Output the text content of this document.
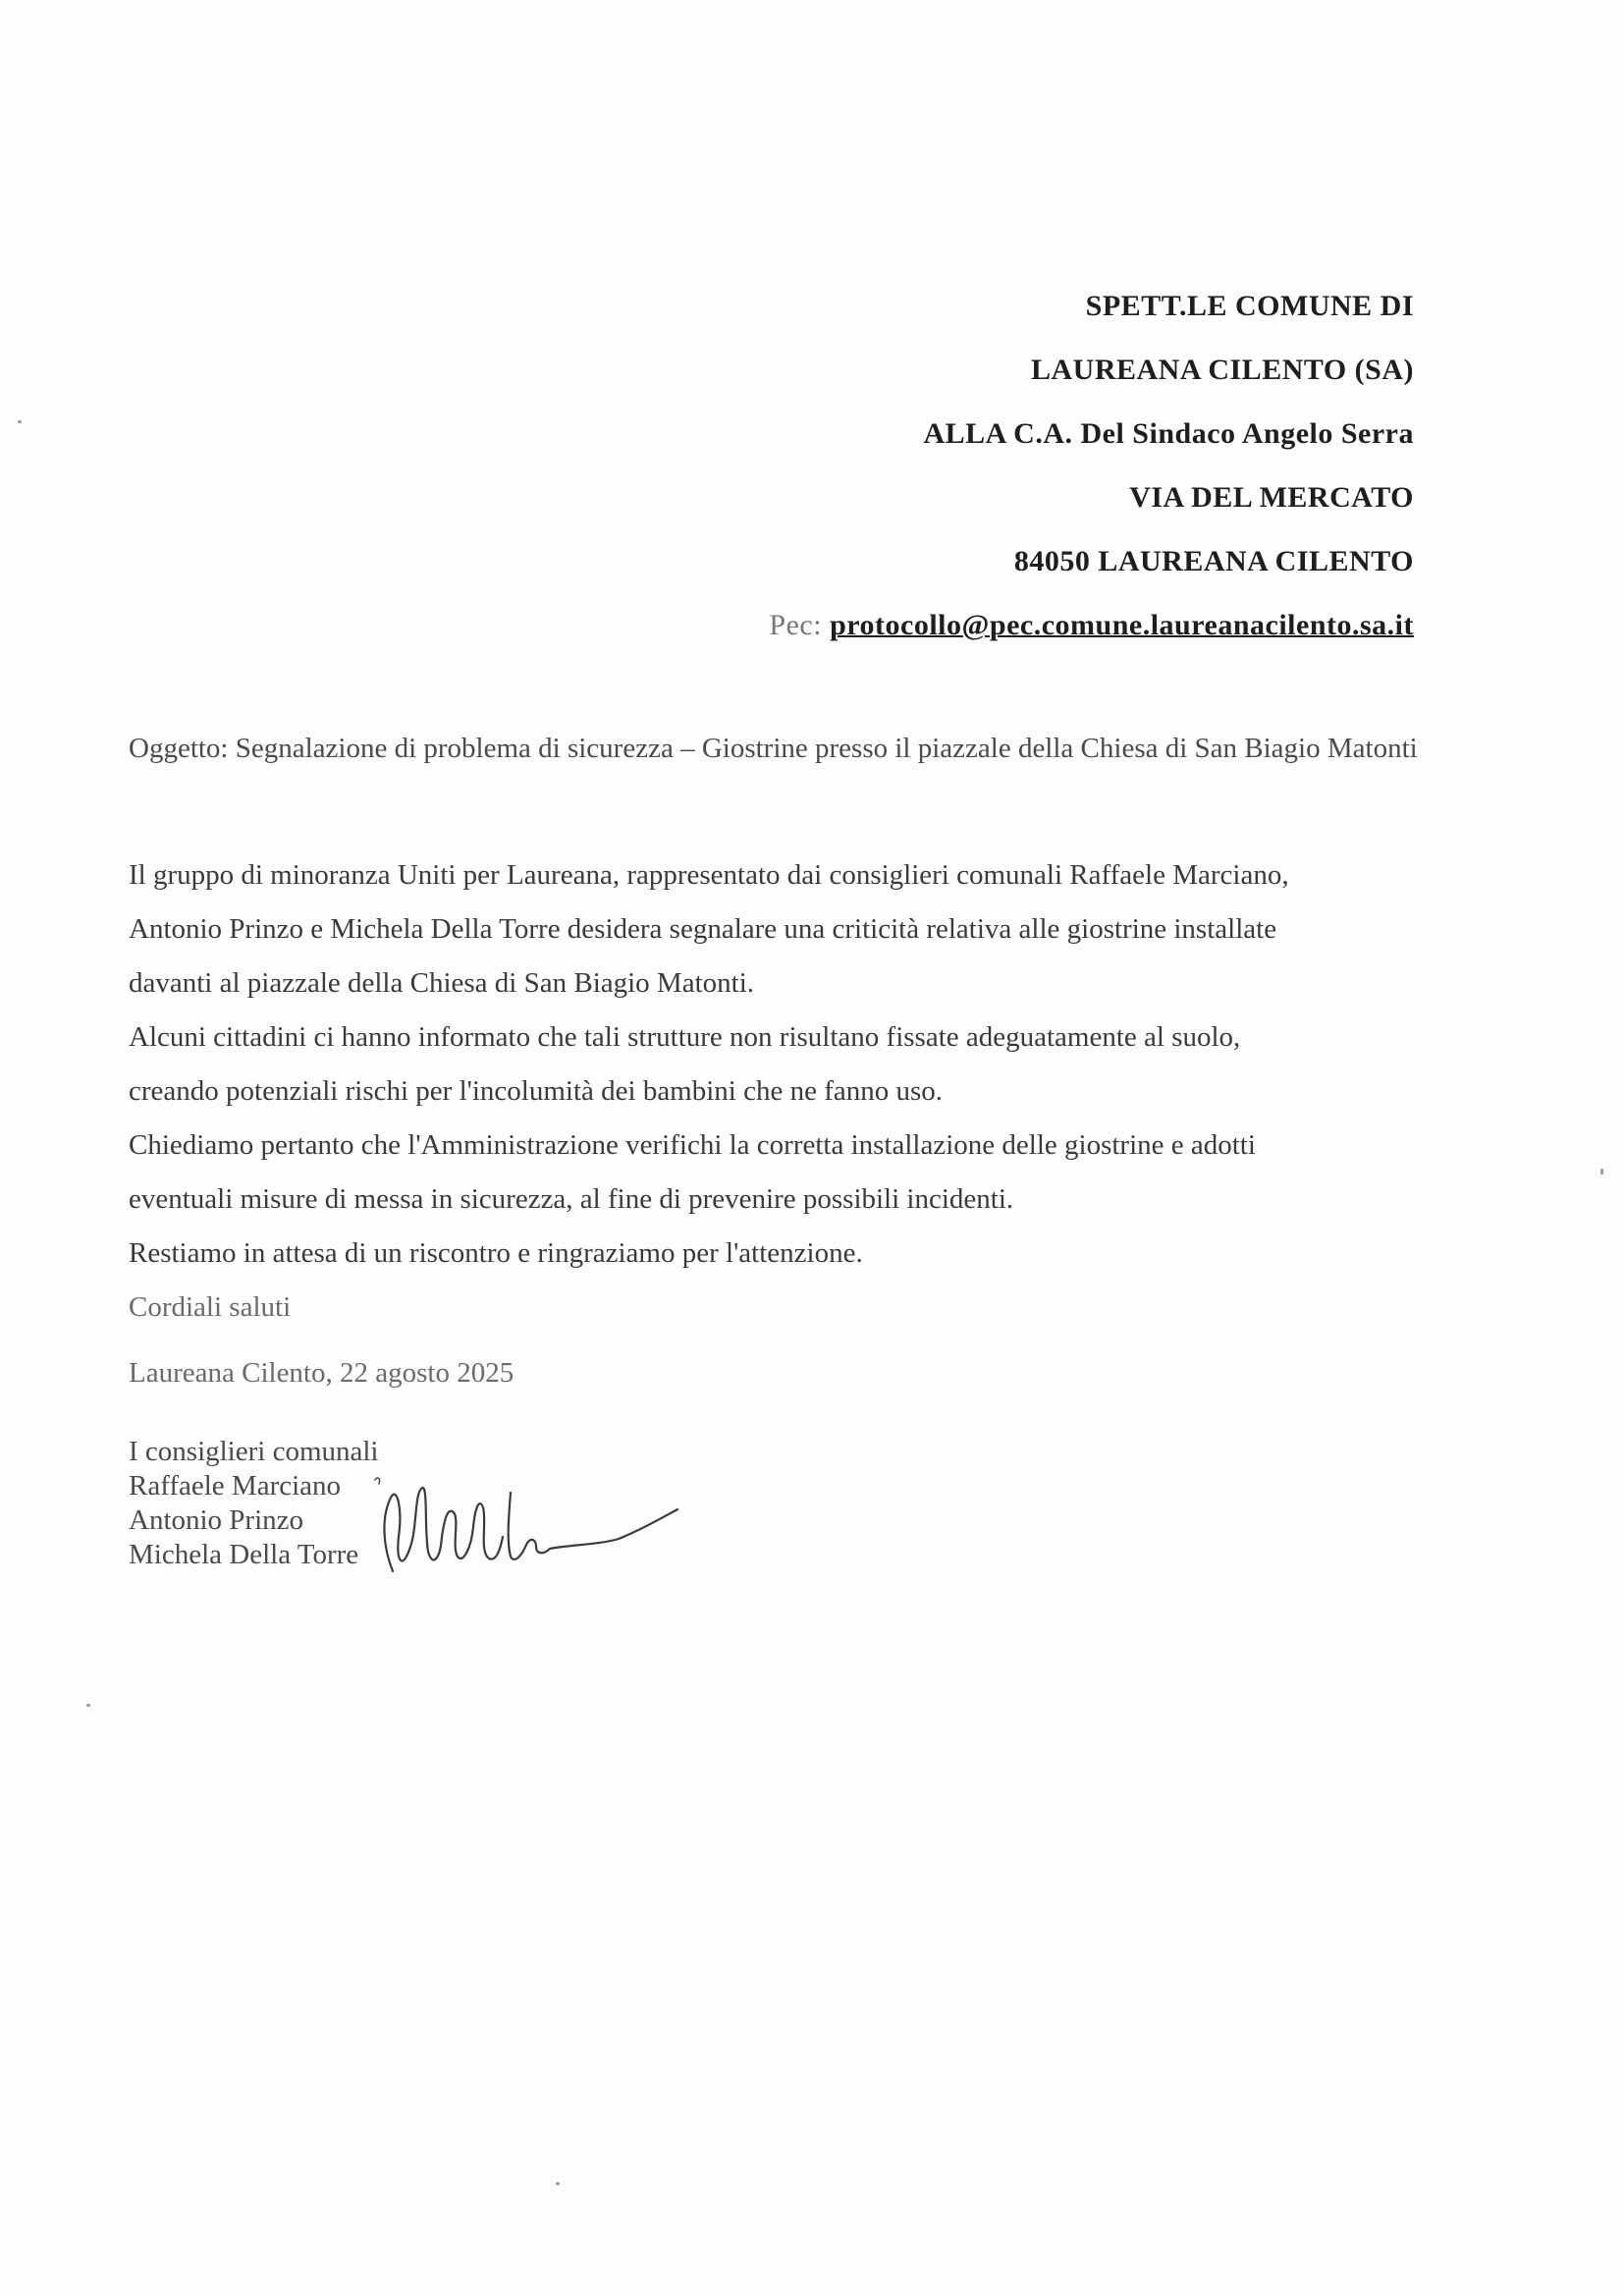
SPETT.LE COMUNE DI
LAUREANA CILENTO (SA)
ALLA C.A. Del Sindaco Angelo Serra
VIA DEL MERCATO
84050 LAUREANA CILENTO
Pec: protocollo@pec.comune.laureanacilento.sa.it
Oggetto: Segnalazione di problema di sicurezza – Giostrine presso il piazzale della Chiesa di San Biagio Matonti

Il gruppo di minoranza Uniti per Laureana, rappresentato dai consiglieri comunali Raffaele Marciano,

Antonio Prinzo e Michela Della Torre desidera segnalare una criticità relativa alle giostrine installate

davanti al piazzale della Chiesa di San Biagio Matonti.

Alcuni cittadini ci hanno informato che tali strutture non risultano fissate adeguatamente al suolo,

creando potenziali rischi per l'incolumità dei bambini che ne fanno uso.

Chiediamo pertanto che l'Amministrazione verifichi la corretta installazione delle giostrine e adotti

eventuali misure di messa in sicurezza, al fine di prevenire possibili incidenti.

Restiamo in attesa di un riscontro e ringraziamo per l'attenzione.

Cordiali saluti

Laureana Cilento, 22 agosto 2025
I consiglieri comunali
Raffaele Marciano
Antonio Prinzo
Michela Della Torre
